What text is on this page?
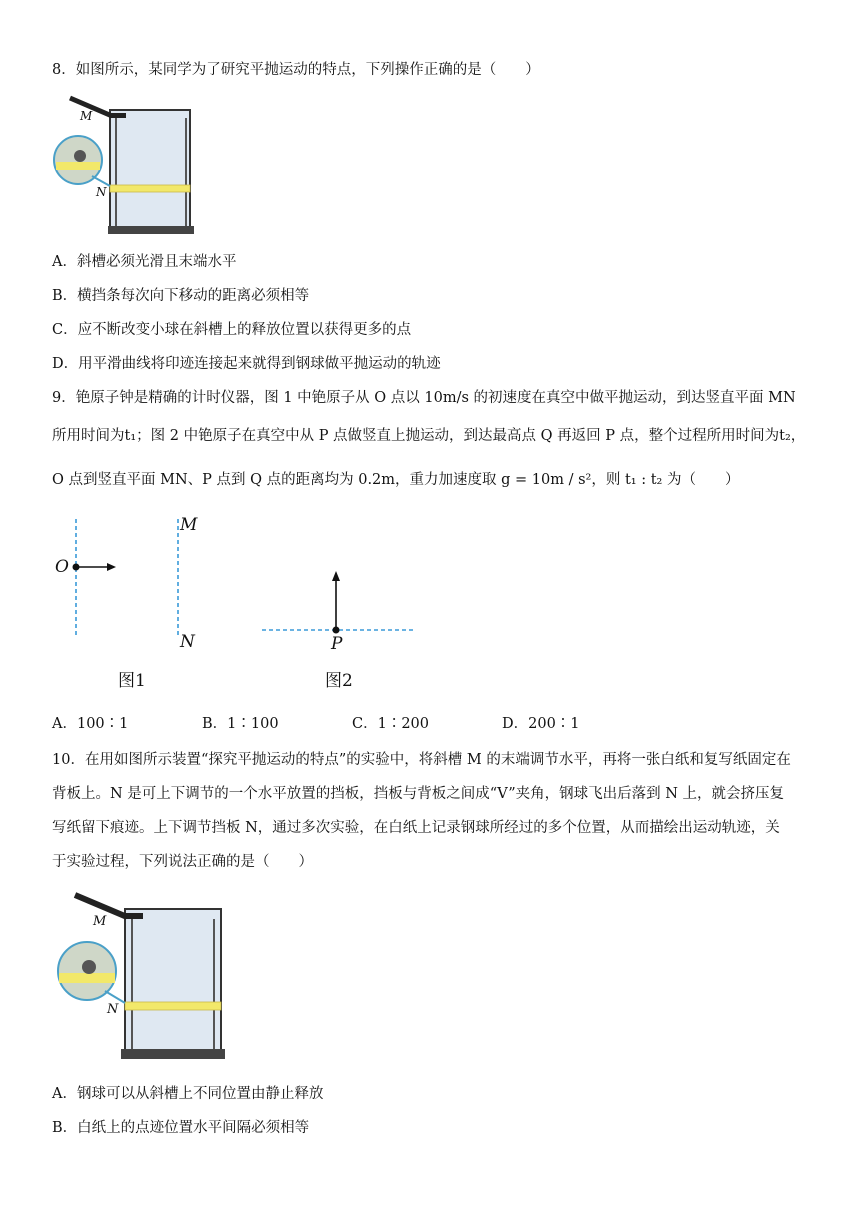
8．如图所示，某同学为了研究平抛运动的特点，下列操作正确的是（　　）
M
N
A．斜槽必须光滑且末端水平
B．横挡条每次向下移动的距离必须相等
C．应不断改变小球在斜槽上的释放位置以获得更多的点
D．用平滑曲线将印迹连接起来就得到钢球做平抛运动的轨迹
9．铯原子钟是精确的计时仪器，图 1 中铯原子从 O 点以 10m/s 的初速度在真空中做平抛运动，到达竖直平面 MN
所用时间为t₁；图 2 中铯原子在真空中从 P 点做竖直上抛运动，到达最高点 Q 再返回 P 点，整个过程所用时间为t₂，
O 点到竖直平面 MN、P 点到 Q 点的距离均为 0.2m，重力加速度取 g = 10m / s²，则 t₁ : t₂ 为（　　）
O
M
N
图1
P
图2
A．100∶1	B．1∶100	C．1∶200	D．200∶1
10．在用如图所示装置“探究平抛运动的特点”的实验中，将斜槽 M 的末端调节水平，再将一张白纸和复写纸固定在
背板上。N 是可上下调节的一个水平放置的挡板，挡板与背板之间成“V”夹角，钢球飞出后落到 N 上，就会挤压复
写纸留下痕迹。上下调节挡板 N，通过多次实验，在白纸上记录钢球所经过的多个位置，从而描绘出运动轨迹，关
于实验过程，下列说法正确的是（　　）
M
N
A．钢球可以从斜槽上不同位置由静止释放
B．白纸上的点迹位置水平间隔必须相等
